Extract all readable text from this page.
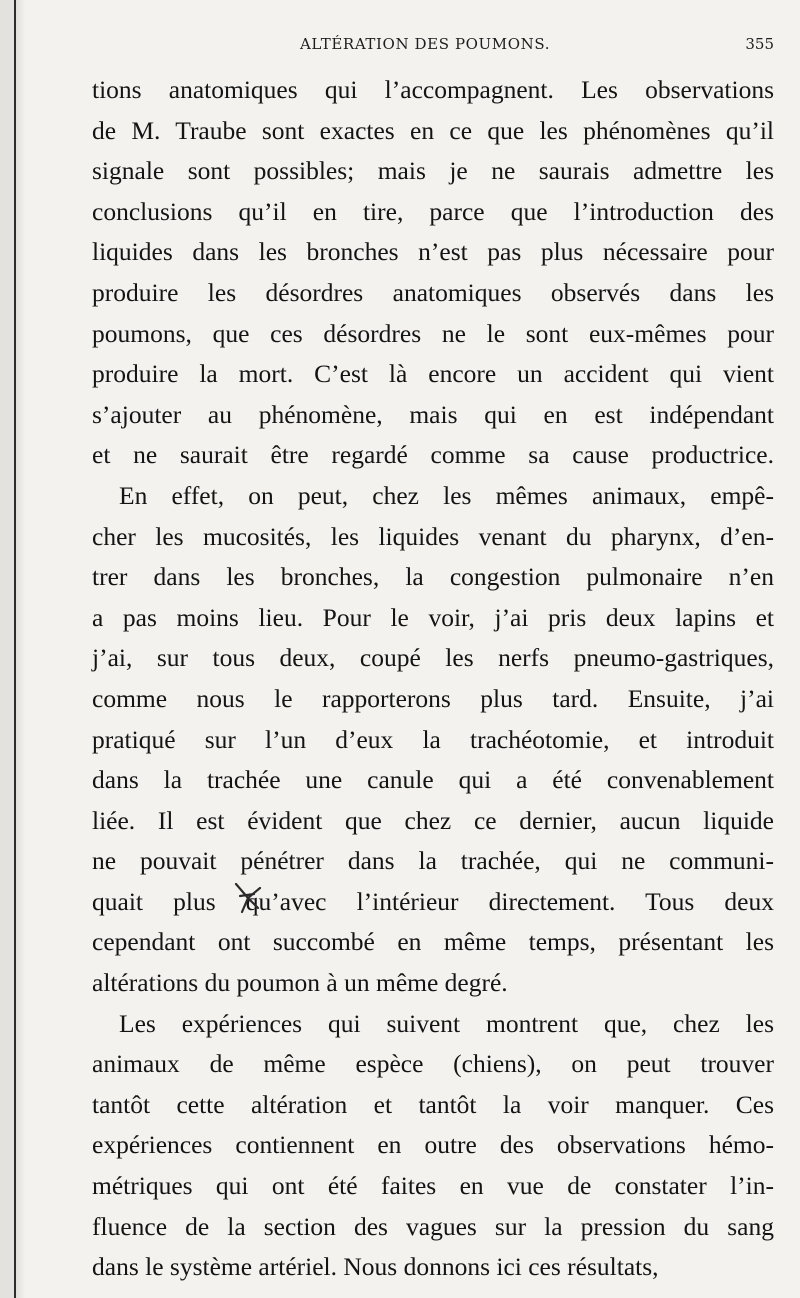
ALTÉRATION DES POUMONS.	355
tions anatomiques qui l’accompagnent. Les observations
de M. Traube sont exactes en ce que les phénomènes qu’il
signale sont possibles; mais je ne saurais admettre les
conclusions qu’il en tire, parce que l’introduction des
liquides dans les bronches n’est pas plus nécessaire pour
produire les désordres anatomiques observés dans les
poumons, que ces désordres ne le sont eux-mêmes pour
produire la mort. C’est là encore un accident qui vient
s’ajouter au phénomène, mais qui en est indépendant
et ne saurait être regardé comme sa cause productrice.
En effet, on peut, chez les mêmes animaux, empê-
cher les mucosités, les liquides venant du pharynx, d’en-
trer dans les bronches, la congestion pulmonaire n’en
a pas moins lieu. Pour le voir, j’ai pris deux lapins et
j’ai, sur tous deux, coupé les nerfs pneumo-gastriques,
comme nous le rapporterons plus tard. Ensuite, j’ai
pratiqué sur l’un d’eux la trachéotomie, et introduit
dans la trachée une canule qui a été convenablement
liée. Il est évident que chez ce dernier, aucun liquide
ne pouvait pénétrer dans la trachée, qui ne communi-
quait plus qu’avec l’intérieur directement. Tous deux
cependant ont succombé en même temps, présentant les
altérations du poumon à un même degré.
Les expériences qui suivent montrent que, chez les
animaux de même espèce (chiens), on peut trouver
tantôt cette altération et tantôt la voir manquer. Ces
expériences contiennent en outre des observations hémo-
métriques qui ont été faites en vue de constater l’in-
fluence de la section des vagues sur la pression du sang
dans le système artériel. Nous donnons ici ces résultats,
